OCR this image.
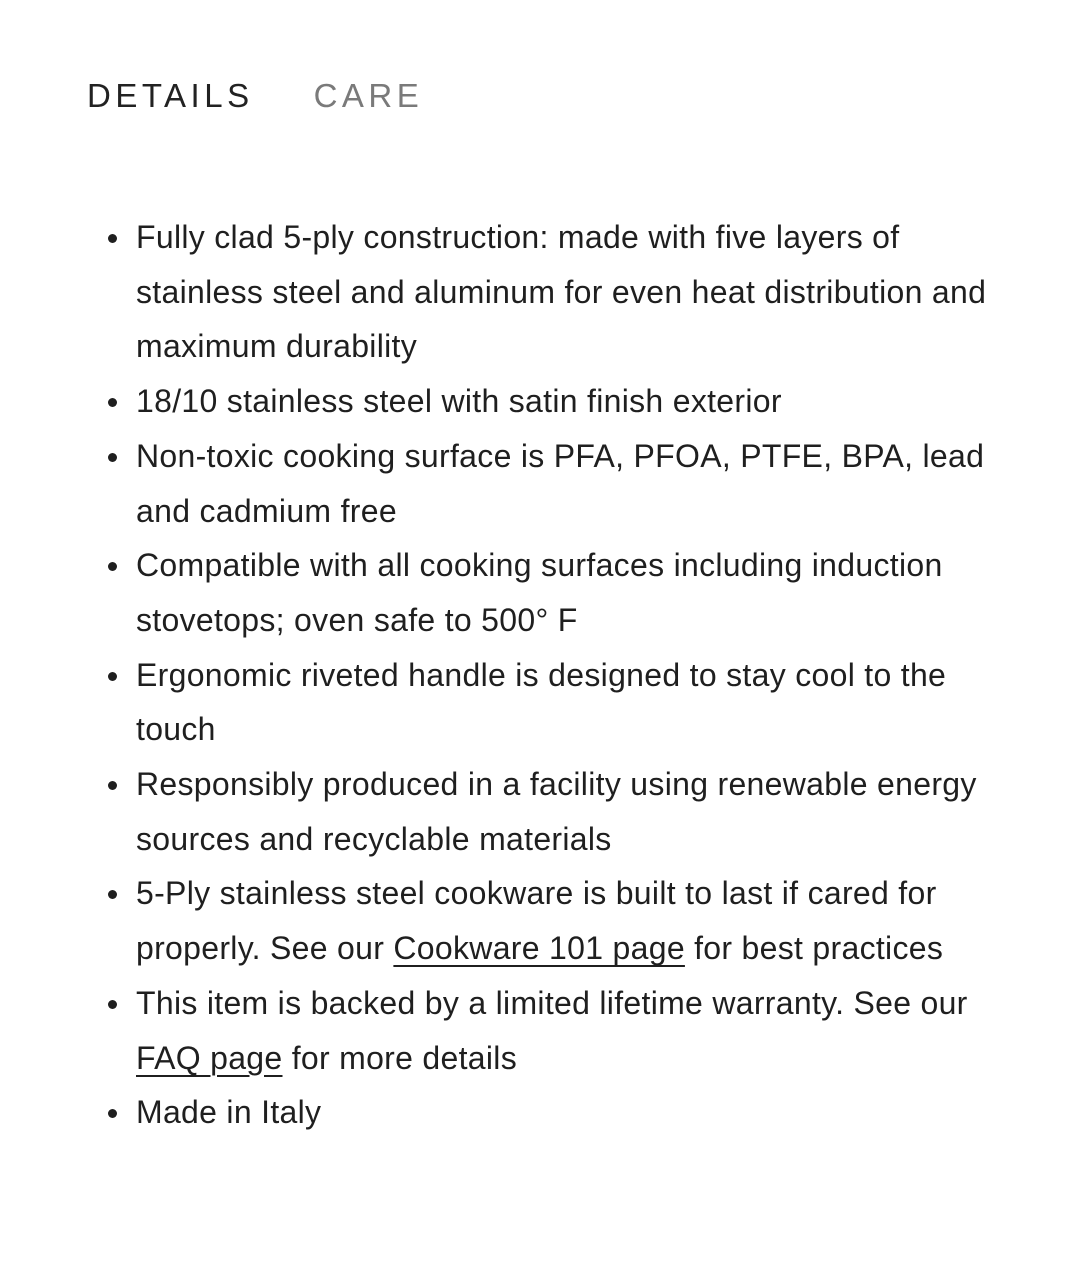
DETAILS CARE
Fully clad 5-ply construction: made with five layers of stainless steel and aluminum for even heat distribution and maximum durability
18/10 stainless steel with satin finish exterior
Non-toxic cooking surface is PFA, PFOA, PTFE, BPA, lead and cadmium free
Compatible with all cooking surfaces including induction stovetops; oven safe to 500° F
Ergonomic riveted handle is designed to stay cool to the touch
Responsibly produced in a facility using renewable energy sources and recyclable materials
5-Ply stainless steel cookware is built to last if cared for properly. See our Cookware 101 page for best practices
This item is backed by a limited lifetime warranty. See our FAQ page for more details
Made in Italy
